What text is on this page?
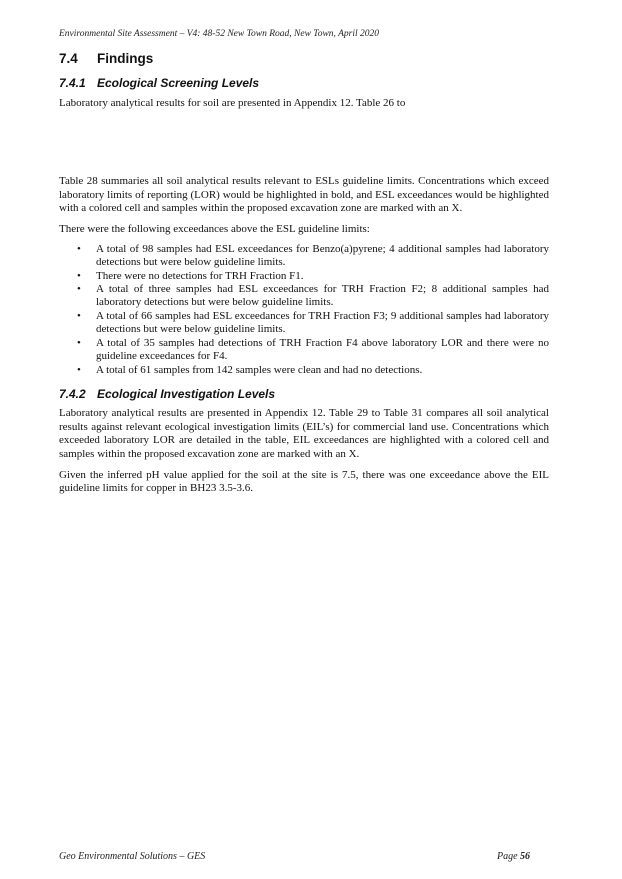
Environmental Site Assessment – V4: 48-52 New Town Road, New Town, April 2020
7.4 Findings
7.4.1 Ecological Screening Levels

Laboratory analytical results for soil are presented in Appendix 12. Table 26 to

Table 28 summaries all soil analytical results relevant to ESLs guideline limits. Concentrations which exceed laboratory limits of reporting (LOR) would be highlighted in bold, and ESL exceedances would be highlighted with a colored cell and samples within the proposed excavation zone are marked with an X.

There were the following exceedances above the ESL guideline limits:

• A total of 98 samples had ESL exceedances for Benzo(a)pyrene; 4 additional samples had laboratory detections but were below guideline limits.
• There were no detections for TRH Fraction F1.
• A total of three samples had ESL exceedances for TRH Fraction F2; 8 additional samples had laboratory detections but were below guideline limits.
• A total of 66 samples had ESL exceedances for TRH Fraction F3; 9 additional samples had laboratory detections but were below guideline limits.
• A total of 35 samples had detections of TRH Fraction F4 above laboratory LOR and there were no guideline exceedances for F4.
• A total of 61 samples from 142 samples were clean and had no detections.
7.4.2 Ecological Investigation Levels

Laboratory analytical results are presented in Appendix 12. Table 29 to Table 31 compares all soil analytical results against relevant ecological investigation limits (EIL’s) for commercial land use. Concentrations which exceeded laboratory LOR are detailed in the table, EIL exceedances are highlighted with a colored cell and samples within the proposed excavation zone are marked with an X.

Given the inferred pH value applied for the soil at the site is 7.5, there was one exceedance above the EIL guideline limits for copper in BH23 3.5-3.6.

Geo Environmental Solutions – GES	Page 56
